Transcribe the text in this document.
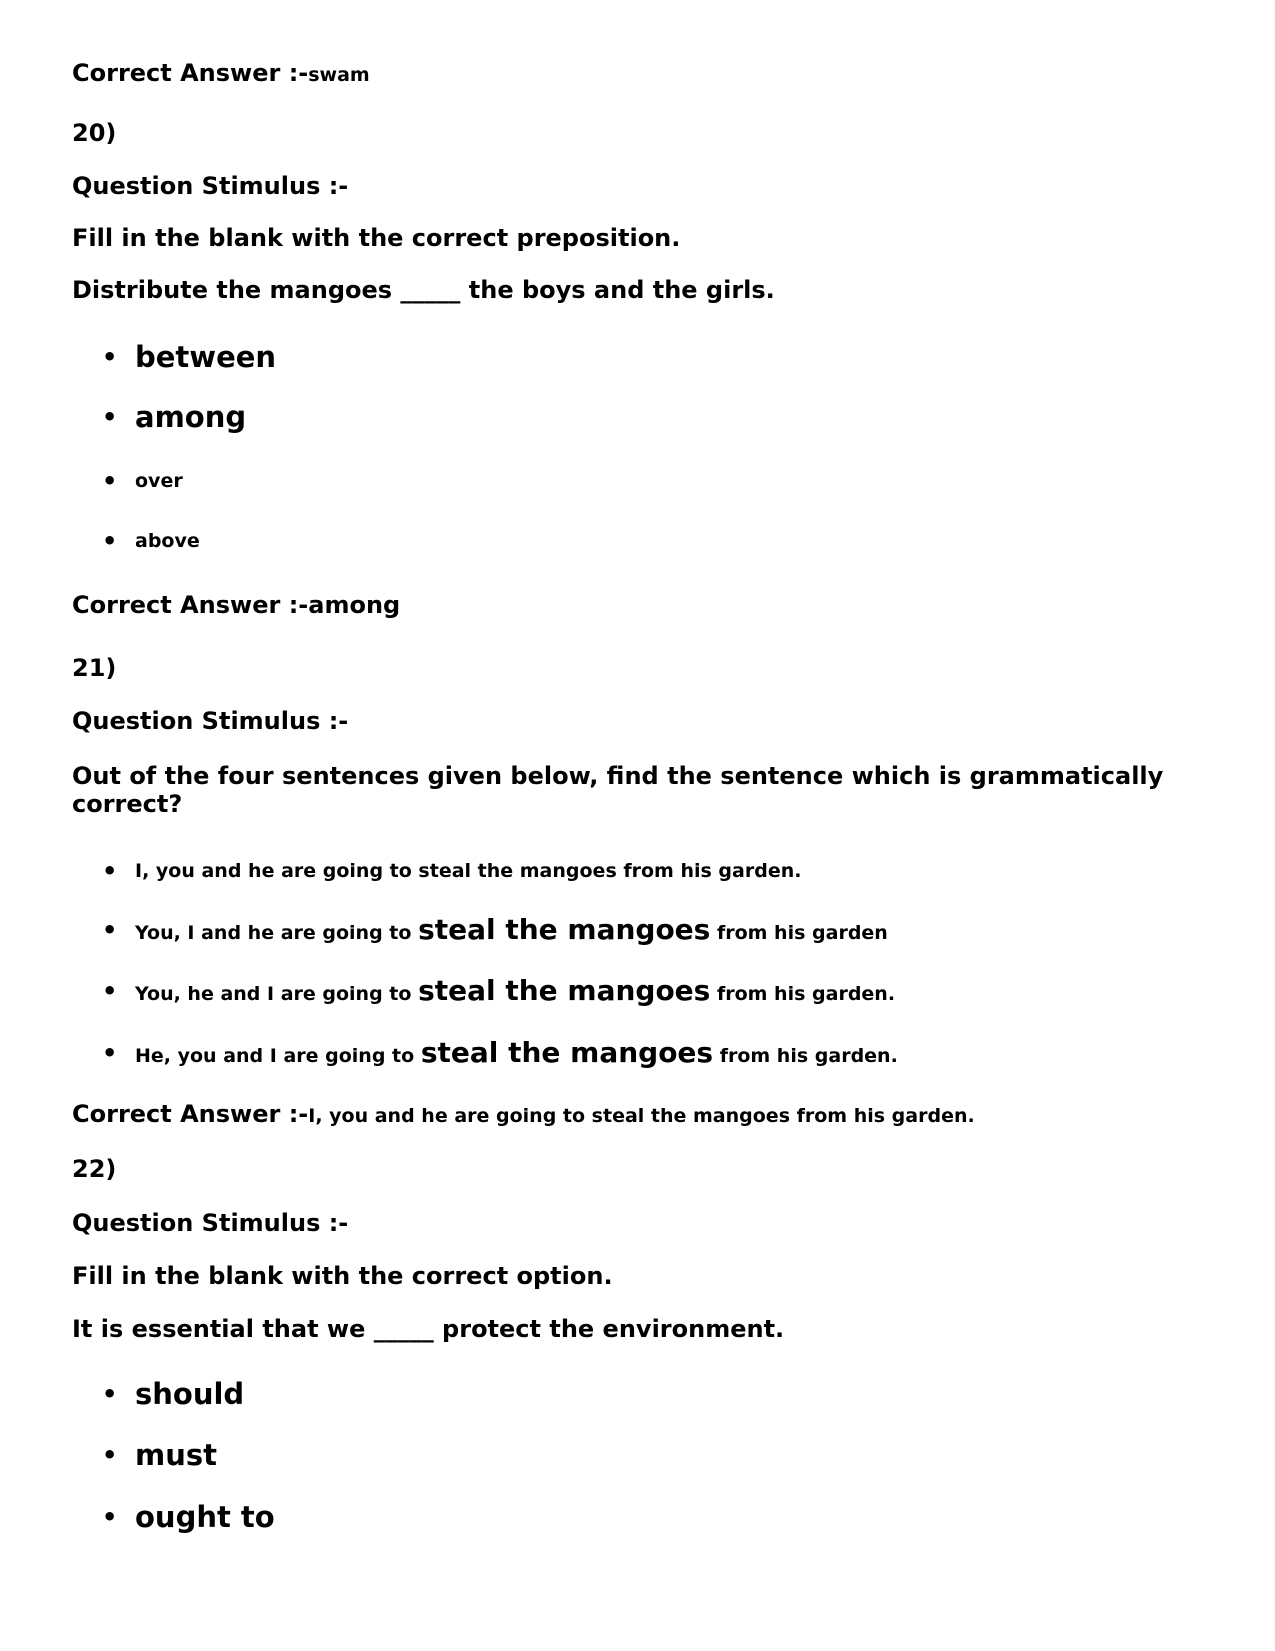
Correct Answer :-swam
20)
Question Stimulus :-
Fill in the blank with the correct preposition.
Distribute the mangoes _____ the boys and the girls.
• between
• among
• over
• above
Correct Answer :-among
21)
Question Stimulus :-
Out of the four sentences given below, find the sentence which is grammatically correct?
• I, you and he are going to steal the mangoes from his garden.
• You, I and he are going to steal the mangoes from his garden
• You, he and I are going to steal the mangoes from his garden.
• He, you and I are going to steal the mangoes from his garden.
Correct Answer :-I, you and he are going to steal the mangoes from his garden.
22)
Question Stimulus :-
Fill in the blank with the correct option.
It is essential that we _____ protect the environment.
• should
• must
• ought to
